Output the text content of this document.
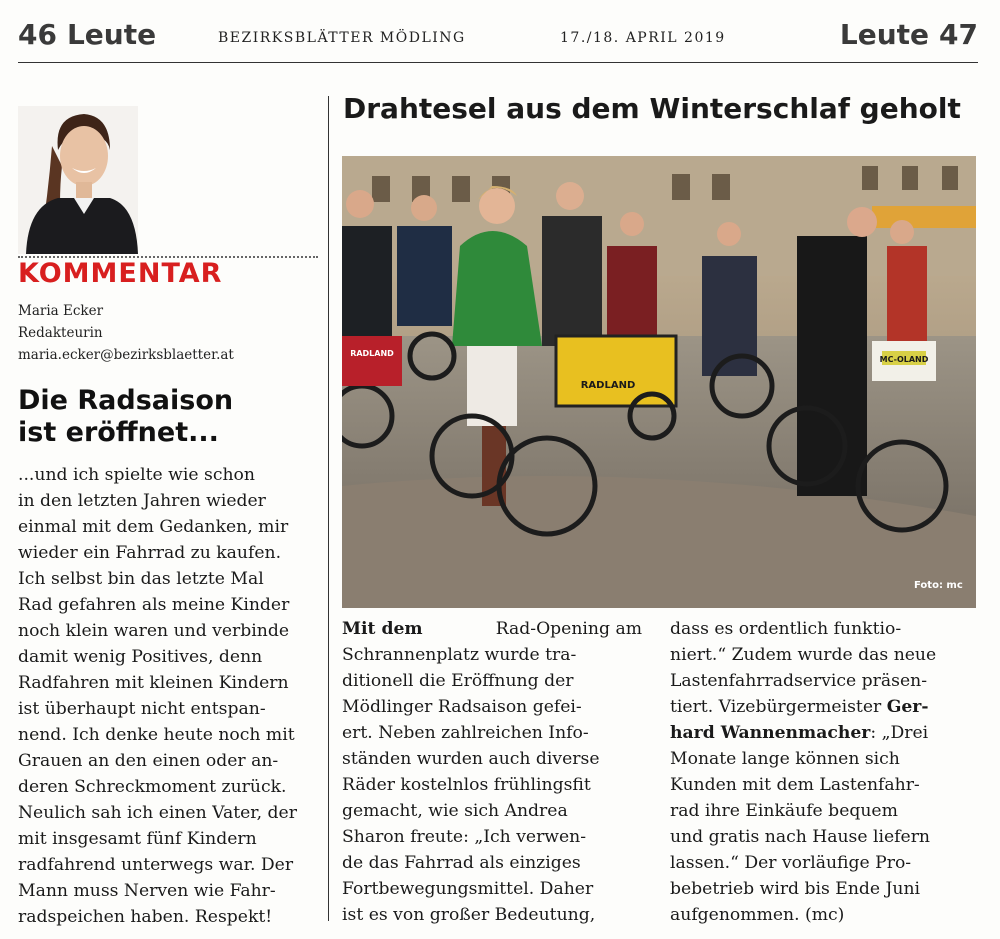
46 Leute	BEZIRKSBLÄTTER MÖDLING	17./18. APRIL 2019	Leute 47
KOMMENTAR
Maria Ecker
Redakteurin
maria.ecker@bezirksblaetter.at
Die Radsaison
ist eröffnet...
...und ich spielte wie schon
in den letzten Jahren wieder
einmal mit dem Gedanken, mir
wieder ein Fahrrad zu kaufen.
Ich selbst bin das letzte Mal
Rad gefahren als meine Kinder
noch klein waren und verbinde
damit wenig Positives, denn
Radfahren mit kleinen Kindern
ist überhaupt nicht entspan-
nend. Ich denke heute noch mit
Grauen an den einen oder an-
deren Schreckmoment zurück.
Neulich sah ich einen Vater, der
mit insgesamt fünf Kindern
radfahrend unterwegs war. Der
Mann muss Nerven wie Fahr-
radspeichen haben. Respekt!
Drahtesel aus dem Winterschlaf geholt
RADLAND
RADLAND
MC-OLAND
Foto: mc
Mit dem	Rad-Opening am
Schrannenplatz wurde tra-
ditionell die Eröffnung der
Mödlinger Radsaison gefei-
ert. Neben zahlreichen Info-
ständen wurden auch diverse
Räder kostelnlos frühlingsfit
gemacht, wie sich Andrea
Sharon freute: „Ich verwen-
de das Fahrrad als einziges
Fortbewegungsmittel. Daher
ist es von großer Bedeutung,
dass es ordentlich funktio-
niert.“ Zudem wurde das neue
Lastenfahrradservice präsen-
tiert. Vizebürgermeister Ger-
hard Wannenmacher: „Drei
Monate lange können sich
Kunden mit dem Lastenfahr-
rad ihre Einkäufe bequem
und gratis nach Hause liefern
lassen.“ Der vorläufige Pro-
bebetrieb wird bis Ende Juni
aufgenommen. (mc)
